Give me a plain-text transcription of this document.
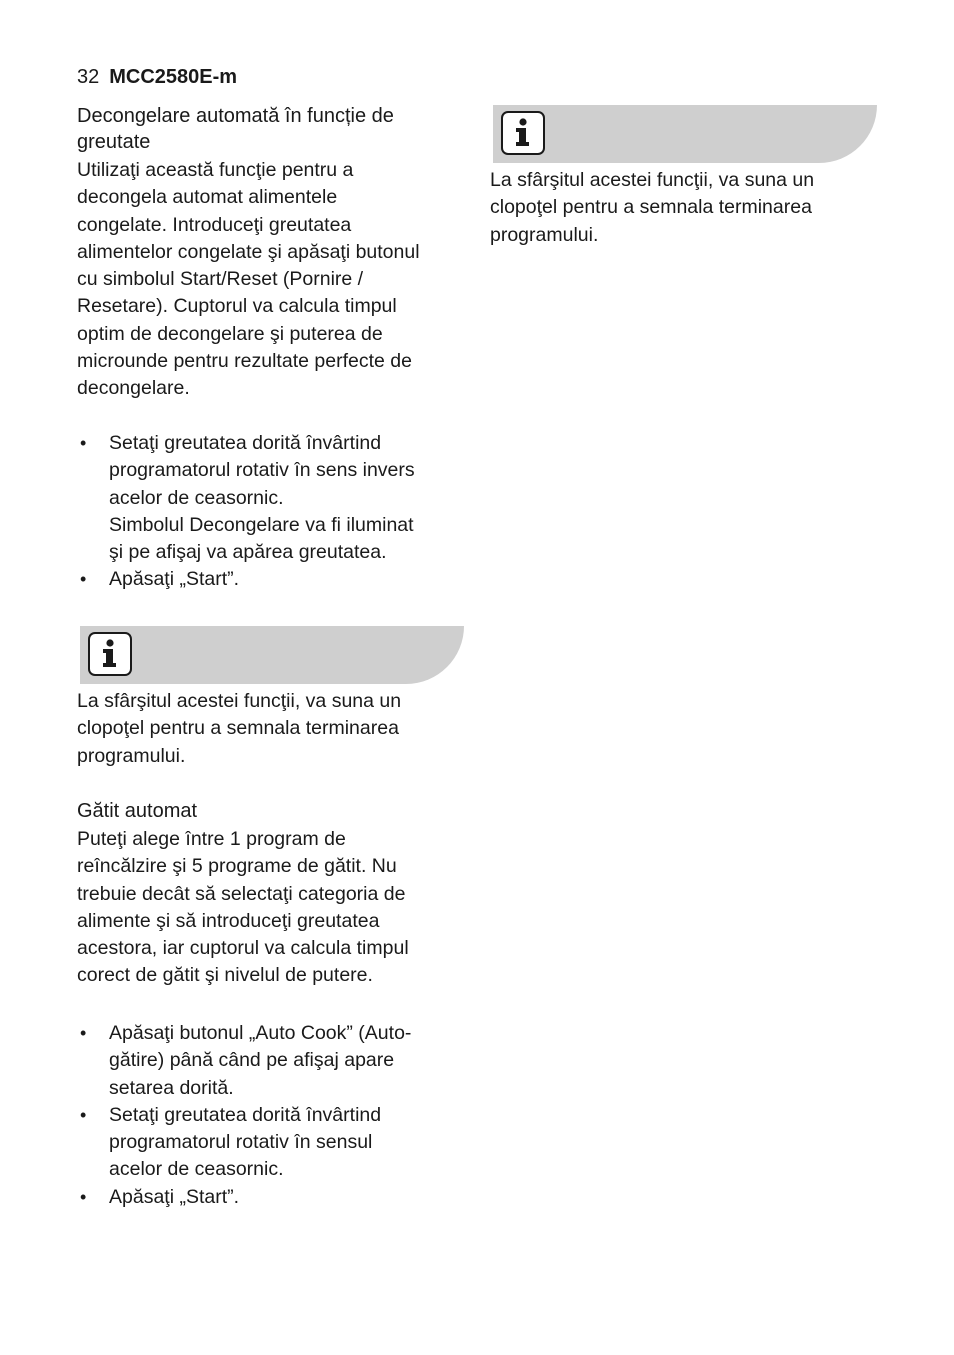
32 MCC2580E-m
Decongelare automată în funcție de
greutate
Utilizaţi această funcţie pentru a
decongela automat alimentele
congelate. Introduceţi greutatea
alimentelor congelate şi apăsaţi butonul
cu simbolul Start/Reset (Pornire /
Resetare). Cuptorul va calcula timpul
optim de decongelare şi puterea de
microunde pentru rezultate perfecte de
decongelare.
• Setaţi greutatea dorită învârtind
programatorul rotativ în sens invers
acelor de ceasornic.
Simbolul Decongelare va fi iluminat
şi pe afişaj va apărea greutatea.
• Apăsaţi „Start”.
La sfârşitul acestei funcţii, va suna un
clopoţel pentru a semnala terminarea
programului.
Gătit automat
Puteţi alege între 1 program de
reîncălzire şi 5 programe de gătit. Nu
trebuie decât să selectaţi categoria de
alimente şi să introduceţi greutatea
acestora, iar cuptorul va calcula timpul
corect de gătit şi nivelul de putere.
• Apăsaţi butonul „Auto Cook” (Auto-
gătire) până când pe afişaj apare
setarea dorită.
• Setaţi greutatea dorită învârtind
programatorul rotativ în sensul
acelor de ceasornic.
• Apăsaţi „Start”.
La sfârşitul acestei funcţii, va suna un
clopoţel pentru a semnala terminarea
programului.
